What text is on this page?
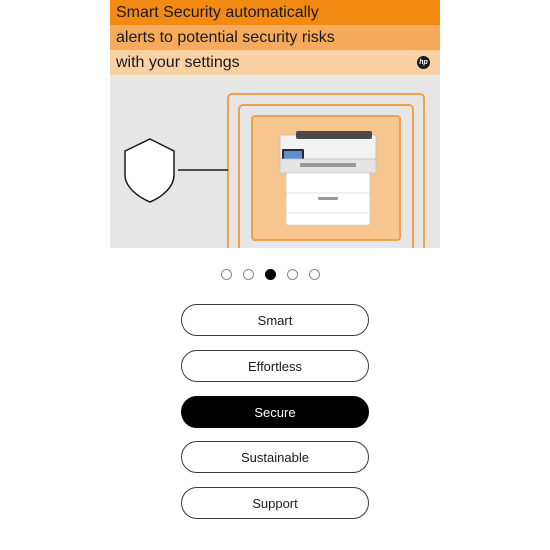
Smart Security automatically
alerts to potential security risks
with your settings	hp
Smart
Effortless
Secure
Sustainable
Support
